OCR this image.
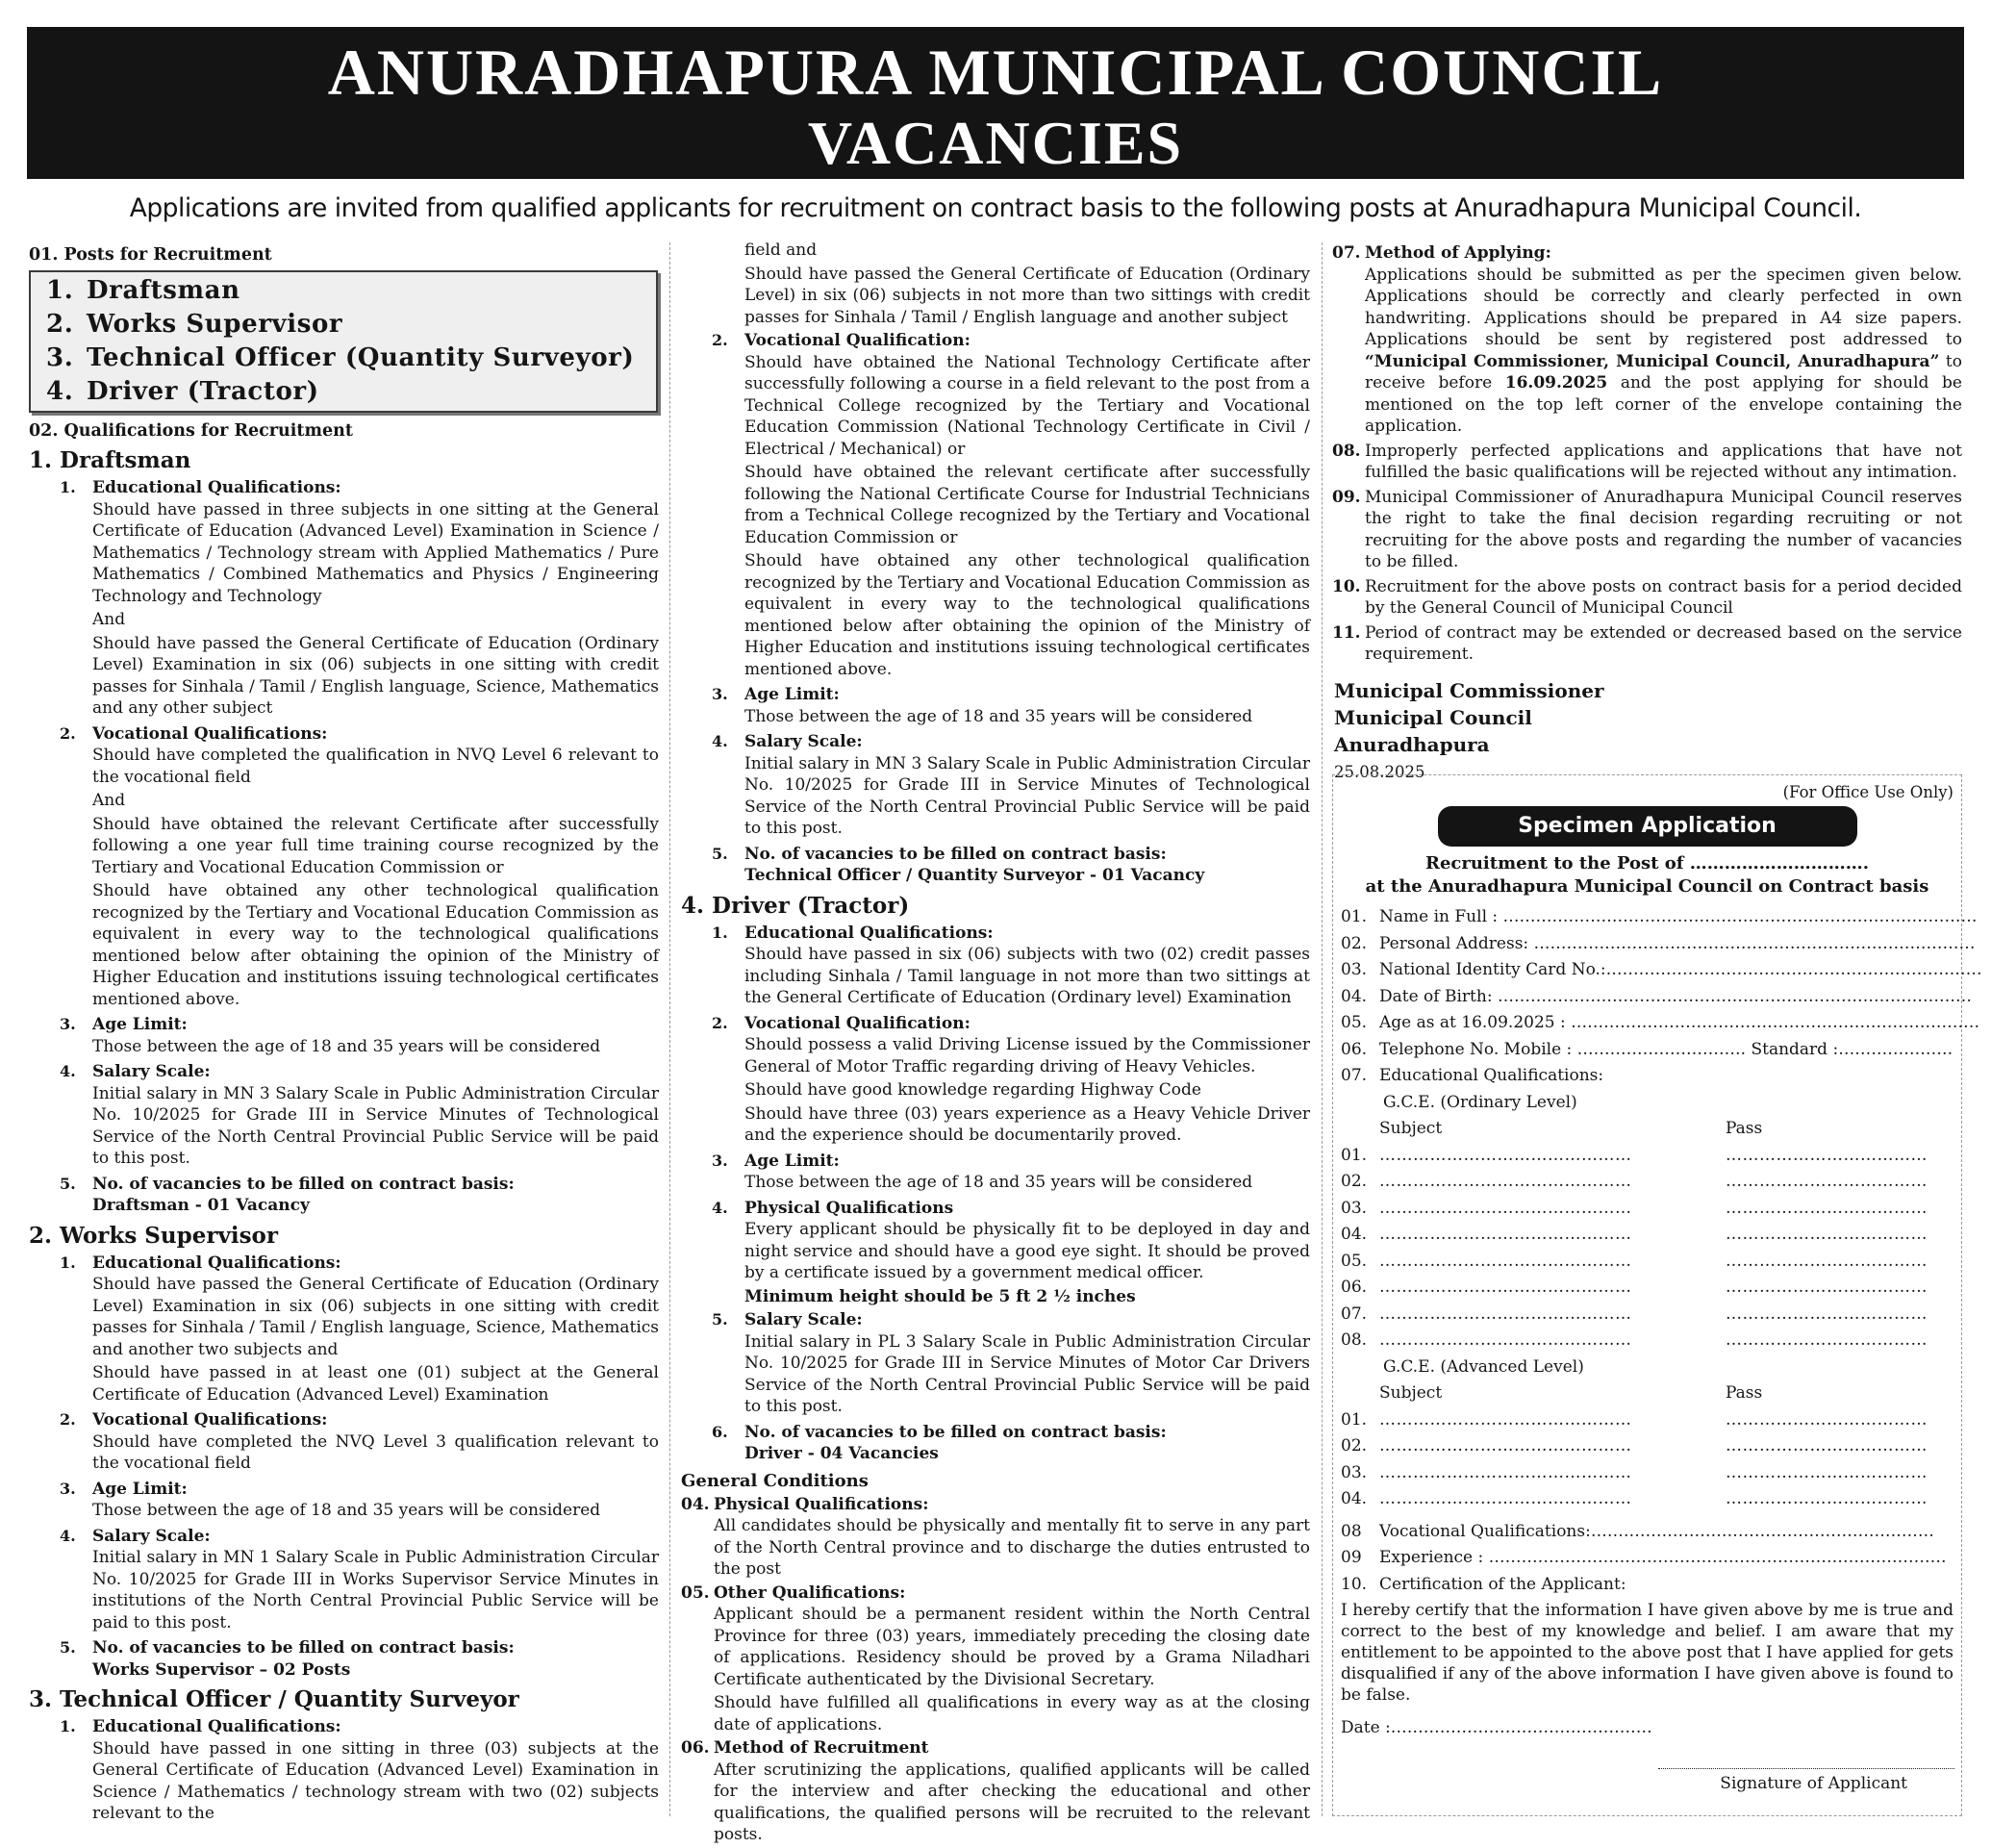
ANURADHAPURA MUNICIPAL COUNCIL
VACANCIES
Applications are invited from qualified applicants for recruitment on contract basis to the following posts at Anuradhapura Municipal Council.
01. Posts for Recruitment
1. Draftsman
2. Works Supervisor
3. Technical Officer (Quantity Surveyor)
4. Driver (Tractor)
02. Qualifications for Recruitment
1. Draftsman
1.	Educational Qualifications:
Should have passed in three subjects in one sitting at the General Certificate of Education (Advanced Level) Examination in Science / Mathematics / Technology stream with Applied Mathematics / Pure Mathematics / Combined Mathematics and Physics / Engineering Technology and Technology
And
Should have passed the General Certificate of Education (Ordinary Level) Examination in six (06) subjects in one sitting with credit passes for Sinhala / Tamil / English language, Science, Mathematics and any other subject
2.	Vocational Qualifications:
Should have completed the qualification in NVQ Level 6 relevant to the vocational field
And
Should have obtained the relevant Certificate after successfully following a one year full time training course recognized by the Tertiary and Vocational Education Commission or
Should have obtained any other technological qualification recognized by the Tertiary and Vocational Education Commission as equivalent in every way to the technological qualifications mentioned below after obtaining the opinion of the Ministry of Higher Education and institutions issuing technological certificates mentioned above.
3.	Age Limit:
Those between the age of 18 and 35 years will be considered
4.	Salary Scale:
Initial salary in MN 3 Salary Scale in Public Administration Circular No. 10/2025 for Grade III in Service Minutes of Technological Service of the North Central Provincial Public Service will be paid to this post.
5.	No. of vacancies to be filled on contract basis:
Draftsman - 01 Vacancy
2. Works Supervisor
1.	Educational Qualifications:
Should have passed the General Certificate of Education (Ordinary Level) Examination in six (06) subjects in one sitting with credit passes for Sinhala / Tamil / English language, Science, Mathematics and another two subjects and
Should have passed in at least one (01) subject at the General Certificate of Education (Advanced Level) Examination
2.	Vocational Qualifications:
Should have completed the NVQ Level 3 qualification relevant to the vocational field
3.	Age Limit:
Those between the age of 18 and 35 years will be considered
4.	Salary Scale:
Initial salary in MN 1 Salary Scale in Public Administration Circular No. 10/2025 for Grade III in Works Supervisor Service Minutes in institutions of the North Central Provincial Public Service will be paid to this post.
5.	No. of vacancies to be filled on contract basis:
Works Supervisor – 02 Posts
3. Technical Officer / Quantity Surveyor
1.	Educational Qualifications:
Should have passed in one sitting in three (03) subjects at the General Certificate of Education (Advanced Level) Examination in Science / Mathematics / technology stream with two (02) subjects relevant to the
field and
Should have passed the General Certificate of Education (Ordinary Level) in six (06) subjects in not more than two sittings with credit passes for Sinhala / Tamil / English language and another subject
2.	Vocational Qualification:
Should have obtained the National Technology Certificate after successfully following a course in a field relevant to the post from a Technical College recognized by the Tertiary and Vocational Education Commission (National Technology Certificate in Civil / Electrical / Mechanical) or
Should have obtained the relevant certificate after successfully following the National Certificate Course for Industrial Technicians from a Technical College recognized by the Tertiary and Vocational Education Commission or
Should have obtained any other technological qualification recognized by the Tertiary and Vocational Education Commission as equivalent in every way to the technological qualifications mentioned below after obtaining the opinion of the Ministry of Higher Education and institutions issuing technological certificates mentioned above.
3.	Age Limit:
Those between the age of 18 and 35 years will be considered
4.	Salary Scale:
Initial salary in MN 3 Salary Scale in Public Administration Circular No. 10/2025 for Grade III in Service Minutes of Technological Service of the North Central Provincial Public Service will be paid to this post.
5.	No. of vacancies to be filled on contract basis:
Technical Officer / Quantity Surveyor - 01 Vacancy
4. Driver (Tractor)
1.	Educational Qualifications:
Should have passed in six (06) subjects with two (02) credit passes including Sinhala / Tamil language in not more than two sittings at the General Certificate of Education (Ordinary level) Examination
2.	Vocational Qualification:
Should possess a valid Driving License issued by the Commissioner General of Motor Traffic regarding driving of Heavy Vehicles.
Should have good knowledge regarding Highway Code
Should have three (03) years experience as a Heavy Vehicle Driver and the experience should be documentarily proved.
3.	Age Limit:
Those between the age of 18 and 35 years will be considered
4.	Physical Qualifications
Every applicant should be physically fit to be deployed in day and night service and should have a good eye sight. It should be proved by a certificate issued by a government medical officer.
Minimum height should be 5 ft 2 ½ inches
5.	Salary Scale:
Initial salary in PL 3 Salary Scale in Public Administration Circular No. 10/2025 for Grade III in Service Minutes of Motor Car Drivers Service of the North Central Provincial Public Service will be paid to this post.
6.	No. of vacancies to be filled on contract basis:
Driver - 04 Vacancies
General Conditions
04. Physical Qualifications:
All candidates should be physically and mentally fit to serve in any part of the North Central province and to discharge the duties entrusted to the post
05. Other Qualifications:
Applicant should be a permanent resident within the North Central Province for three (03) years, immediately preceding the closing date of applications. Residency should be proved by a Grama Niladhari Certificate authenticated by the Divisional Secretary.
Should have fulfilled all qualifications in every way as at the closing date of applications.
06. Method of Recruitment
After scrutinizing the applications, qualified applicants will be called for the interview and after checking the educational and other qualifications, the qualified persons will be recruited to the relevant posts.
07. Method of Applying:
Applications should be submitted as per the specimen given below. Applications should be correctly and clearly perfected in own handwriting. Applications should be prepared in A4 size papers. Applications should be sent by registered post addressed to “Municipal Commissioner, Municipal Council, Anuradhapura” to receive before 16.09.2025 and the post applying for should be mentioned on the top left corner of the envelope containing the application.
08. Improperly perfected applications and applications that have not fulfilled the basic qualifications will be rejected without any intimation.
09. Municipal Commissioner of Anuradhapura Municipal Council reserves the right to take the final decision regarding recruiting or not recruiting for the above posts and regarding the number of vacancies to be filled.
10. Recruitment for the above posts on contract basis for a period decided by the General Council of Municipal Council
11. Period of contract may be extended or decreased based on the service requirement.
Municipal Commissioner
Municipal Council
Anuradhapura
25.08.2025
(For Office Use Only)
Specimen Application
Recruitment to the Post of ………………………….
at the Anuradhapura Municipal Council on Contract basis
01. Name in Full : ……………………………………………………………………………
02. Personal Address: ………………………………………………………………………
03. National Identity Card No.:……………………………………………………………
04. Date of Birth: ……………………………………………………………………………
05. Age as at 16.09.2025 : …………………………………………………………………
06. Telephone No. Mobile : …………………………. Standard :…………………
07. Educational Qualifications:
G.C.E. (Ordinary Level)
Subject	Pass
01. ………………………………………	………………………………
02. ………………………………………	………………………………
03. ………………………………………	………………………………
04. ………………………………………	………………………………
05. ………………………………………	………………………………
06. ………………………………………	………………………………
07. ………………………………………	………………………………
08. ………………………………………	………………………………
G.C.E. (Advanced Level)
Subject	Pass
01. ………………………………………	………………………………
02. ………………………………………	………………………………
03. ………………………………………	………………………………
04. ………………………………………	………………………………
08	Vocational Qualifications:………………………………………………………
09	Experience : …………………………………………………………………………
10. Certification of the Applicant:
I hereby certify that the information I have given above by me is true and correct to the best of my knowledge and belief. I am aware that my entitlement to be appointed to the above post that I have applied for gets disqualified if any of the above information I have given above is found to be false.
Date :…………………………………………
Signature of Applicant
